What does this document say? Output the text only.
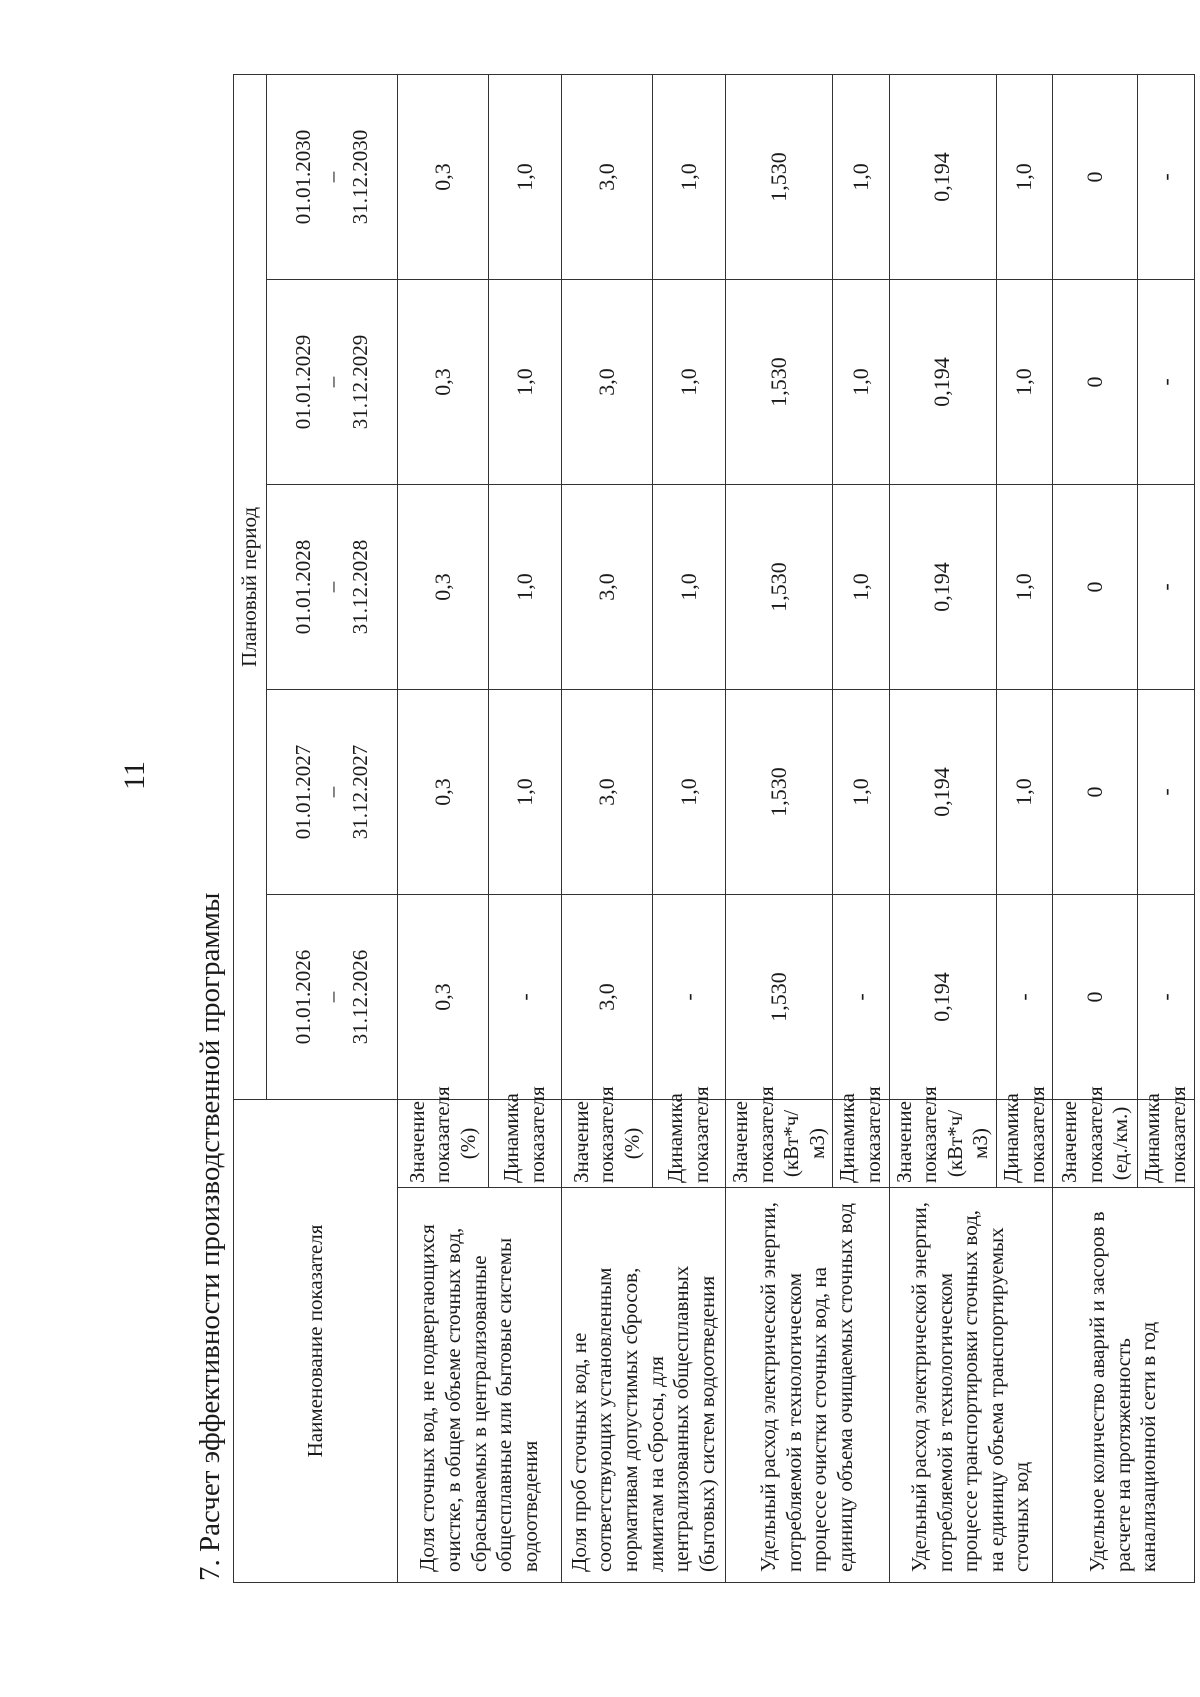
11
7. Расчет эффективности производственной программы	Наименование показателя		Плановый период				
		01.01.2026 – 31.12.2026	01.01.2027 – 31.12.2027	01.01.2028 – 31.12.2028	01.01.2029 – 31.12.2029	01.01.2030 – 31.12.2030
Доля сточных вод, не подвергающихся очистке, в общем объеме сточных вод, сбрасываемых в централизованные общесплавные или бытовые системы водоотведения	Значение показателя (%)	0,3	0,3	0,3	0,3	0,3
	Динамика показателя	-	1,0	1,0	1,0	1,0
Доля проб сточных вод, не соответствующих установленным нормативам допустимых сбросов, лимитам на сбросы, для централизованных общесплавных (бытовых) систем водоотведения	Значение показателя (%)	3,0	3,0	3,0	3,0	3,0
	Динамика показателя	-	1,0	1,0	1,0	1,0
Удельный расход электрической энергии, потребляемой в технологическом процессе очистки сточных вод, на единицу объема очищаемых сточных вод	Значение показателя (кВт*ч/м3)	1,530	1,530	1,530	1,530	1,530
	Динамика показателя	-	1,0	1,0	1,0	1,0
Удельный расход электрической энергии, потребляемой в технологическом процессе транспортировки сточных вод, на единицу объема транспортируемых сточных вод	Значение показателя (кВт*ч/м3)	0,194	0,194	0,194	0,194	0,194
	Динамика показателя	-	1,0	1,0	1,0	1,0
Удельное количество аварий и засоров в расчете на протяженность канализационной сети в год	Значение показателя (ед./км.)	0	0	0	0	0
	Динамика показателя	-	-	-	-	-
